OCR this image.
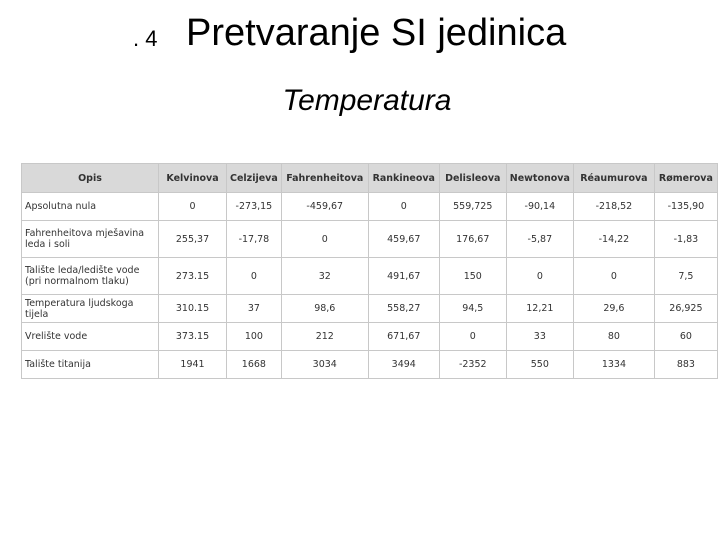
. 4 Pretvaranje SI jedinica
Temperatura
Opis	Kelvinova	Celzijeva	Fahrenheitova	Rankineova	Delisleova	Newtonova	Réaumurova	Rømerova
Apsolutna nula	0	-273,15	-459,67	0	559,725	-90,14	-218,52	-135,90
Fahrenheitova mješavina leda i soli	255,37	-17,78	0	459,67	176,67	-5,87	-14,22	-1,83
Talište leda/ledište vode (pri normalnom tlaku)	273.15	0	32	491,67	150	0	0	7,5
Temperatura ljudskoga tijela	310.15	37	98,6	558,27	94,5	12,21	29,6	26,925
Vrelište vode	373.15	100	212	671,67	0	33	80	60
Talište titanija	1941	1668	3034	3494	-2352	550	1334	883
